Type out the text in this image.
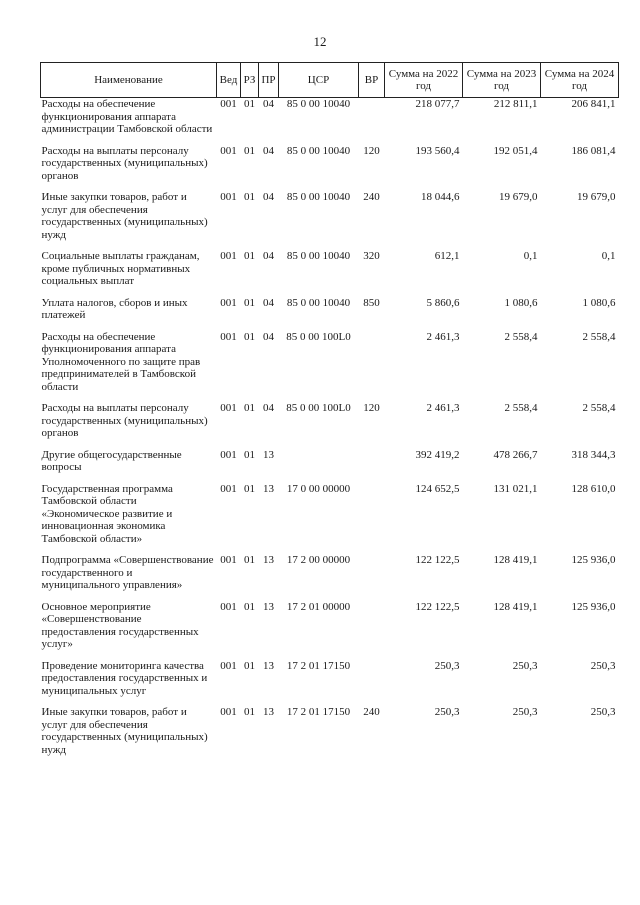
12
Наименование	Вед	РЗ	ПР	ЦСР	ВР	Сумма на 2022 год	Сумма на 2023 год	Сумма на 2024 год
Расходы на обеспечение функционирования аппарата администрации Тамбовской области	001	01	04	85 0 00 10040		218 077,7	212 811,1	206 841,1
Расходы на выплаты персоналу государственных (муниципальных) органов	001	01	04	85 0 00 10040	120	193 560,4	192 051,4	186 081,4
Иные закупки товаров, работ и услуг для обеспечения государственных (муниципальных) нужд	001	01	04	85 0 00 10040	240	18 044,6	19 679,0	19 679,0
Социальные выплаты гражданам, кроме публичных нормативных социальных выплат	001	01	04	85 0 00 10040	320	612,1	0,1	0,1
Уплата налогов, сборов и иных платежей	001	01	04	85 0 00 10040	850	5 860,6	1 080,6	1 080,6
Расходы на обеспечение функционирования аппарата Уполномоченного по защите прав предпринимателей в Тамбовской области	001	01	04	85 0 00 100L0		2 461,3	2 558,4	2 558,4
Расходы на выплаты персоналу государственных (муниципальных) органов	001	01	04	85 0 00 100L0	120	2 461,3	2 558,4	2 558,4
Другие общегосударственные вопросы	001	01	13			392 419,2	478 266,7	318 344,3
Государственная программа Тамбовской области «Экономическое развитие и инновационная экономика Тамбовской области»	001	01	13	17 0 00 00000		124 652,5	131 021,1	128 610,0
Подпрограмма «Совершенствование государственного и муниципального управления»	001	01	13	17 2 00 00000		122 122,5	128 419,1	125 936,0
Основное мероприятие «Совершенствование предоставления государственных услуг»	001	01	13	17 2 01 00000		122 122,5	128 419,1	125 936,0
Проведение мониторинга качества предоставления государственных и муниципальных услуг	001	01	13	17 2 01 17150		250,3	250,3	250,3
Иные закупки товаров, работ и услуг для обеспечения государственных (муниципальных) нужд	001	01	13	17 2 01 17150	240	250,3	250,3	250,3
